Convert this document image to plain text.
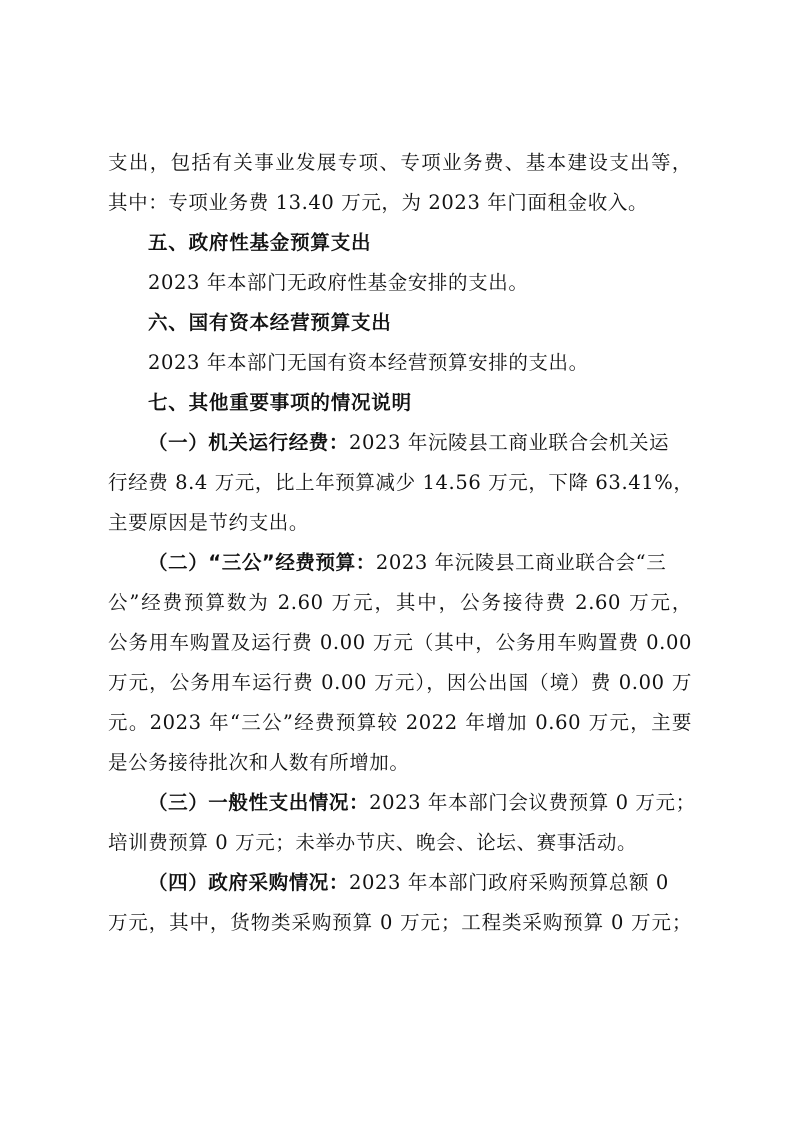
支出，包括有关事业发展专项、专项业务费、基本建设支出等，
其中：专项业务费 13.40 万元，为 2023 年门面租金收入。
五、政府性基金预算支出
2023 年本部门无政府性基金安排的支出。
六、国有资本经营预算支出
2023 年本部门无国有资本经营预算安排的支出。
七、其他重要事项的情况说明
（一）机关运行经费：2023 年沅陵县工商业联合会机关运
行经费 8.4 万元，比上年预算减少 14.56 万元，下降 63.41%，
主要原因是节约支出。
（二）“三公”经费预算：2023 年沅陵县工商业联合会“三
公”经费预算数为 2.60 万元，其中，公务接待费 2.60 万元，
公务用车购置及运行费 0.00 万元（其中，公务用车购置费 0.00
万元，公务用车运行费 0.00 万元），因公出国（境）费 0.00 万
元。2023 年“三公”经费预算较 2022 年增加 0.60 万元，主要
是公务接待批次和人数有所增加。
（三）一般性支出情况：2023 年本部门会议费预算 0 万元；
培训费预算 0 万元；未举办节庆、晚会、论坛、赛事活动。
（四）政府采购情况：2023 年本部门政府采购预算总额 0
万元，其中，货物类采购预算 0 万元；工程类采购预算 0 万元；
